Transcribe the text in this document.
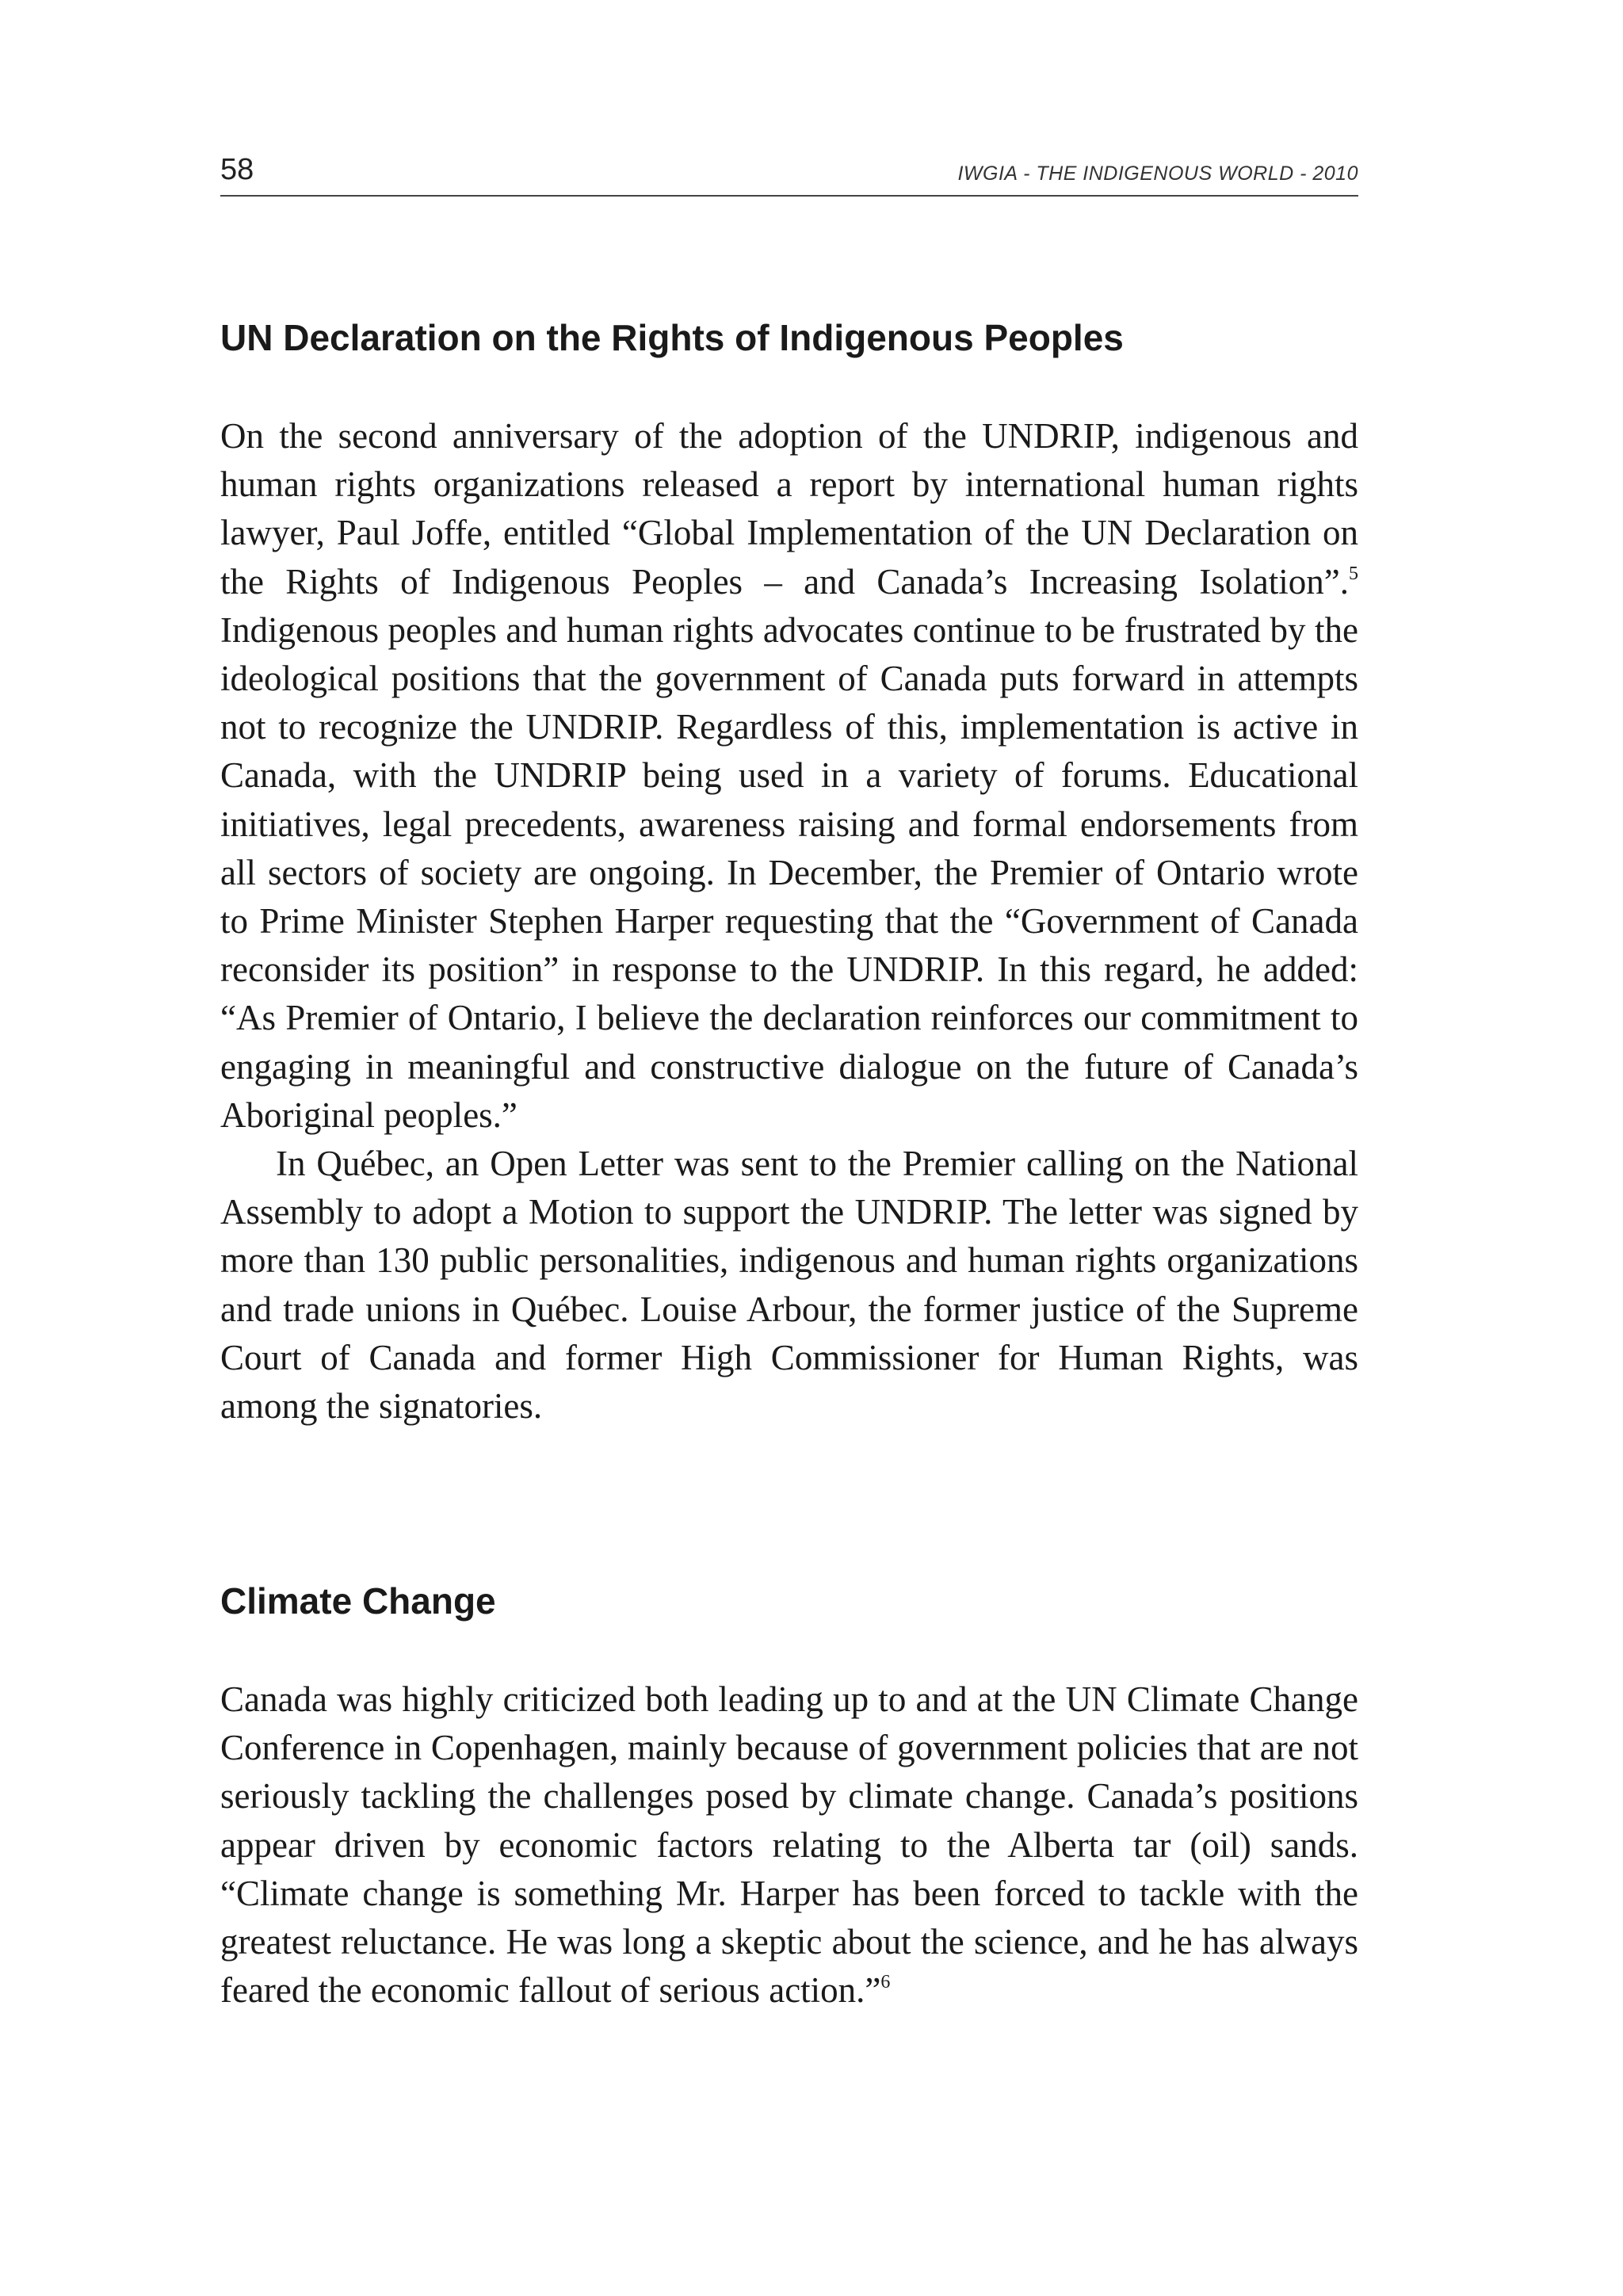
58	IWGIA - THE INDIGENOUS WORLD - 2010
UN Declaration on the Rights of Indigenous Peoples

On the second anniversary of the adoption of the UNDRIP, indigenous and human rights organizations released a report by international human rights lawyer, Paul Joffe, entitled “Global Implementation of the UN Declaration on the Rights of Indigenous Peoples – and Canada’s Increasing Isolation”.$^5$ Indigenous peoples and human rights advocates continue to be frustrated by the ideological positions that the government of Canada puts forward in attempts not to recognize the UNDRIP. Regardless of this, implementation is active in Canada, with the UNDRIP being used in a variety of forums. Educational initiatives, legal precedents, awareness raising and formal endorsements from all sectors of society are ongoing. In December, the Premier of Ontario wrote to Prime Minister Stephen Harper requesting that the “Government of Canada reconsider its position” in response to the UNDRIP. In this regard, he added: “As Premier of Ontario, I believe the declaration reinforces our commitment to engaging in meaningful and constructive dialogue on the future of Canada’s Aboriginal peoples.”

In Québec, an Open Letter was sent to the Premier calling on the National Assembly to adopt a Motion to support the UNDRIP. The letter was signed by more than 130 public personalities, indigenous and human rights organizations and trade unions in Québec. Louise Arbour, the former justice of the Supreme Court of Canada and former High Commissioner for Human Rights, was among the signatories.

Climate Change

Canada was highly criticized both leading up to and at the UN Climate Change Conference in Copenhagen, mainly because of government policies that are not seriously tackling the challenges posed by climate change. Canada’s positions appear driven by economic factors relating to the Alberta tar (oil) sands. “Climate change is something Mr. Harper has been forced to tackle with the greatest reluctance. He was long a skeptic about the science, and he has always feared the economic fallout of serious action.”$^6$
